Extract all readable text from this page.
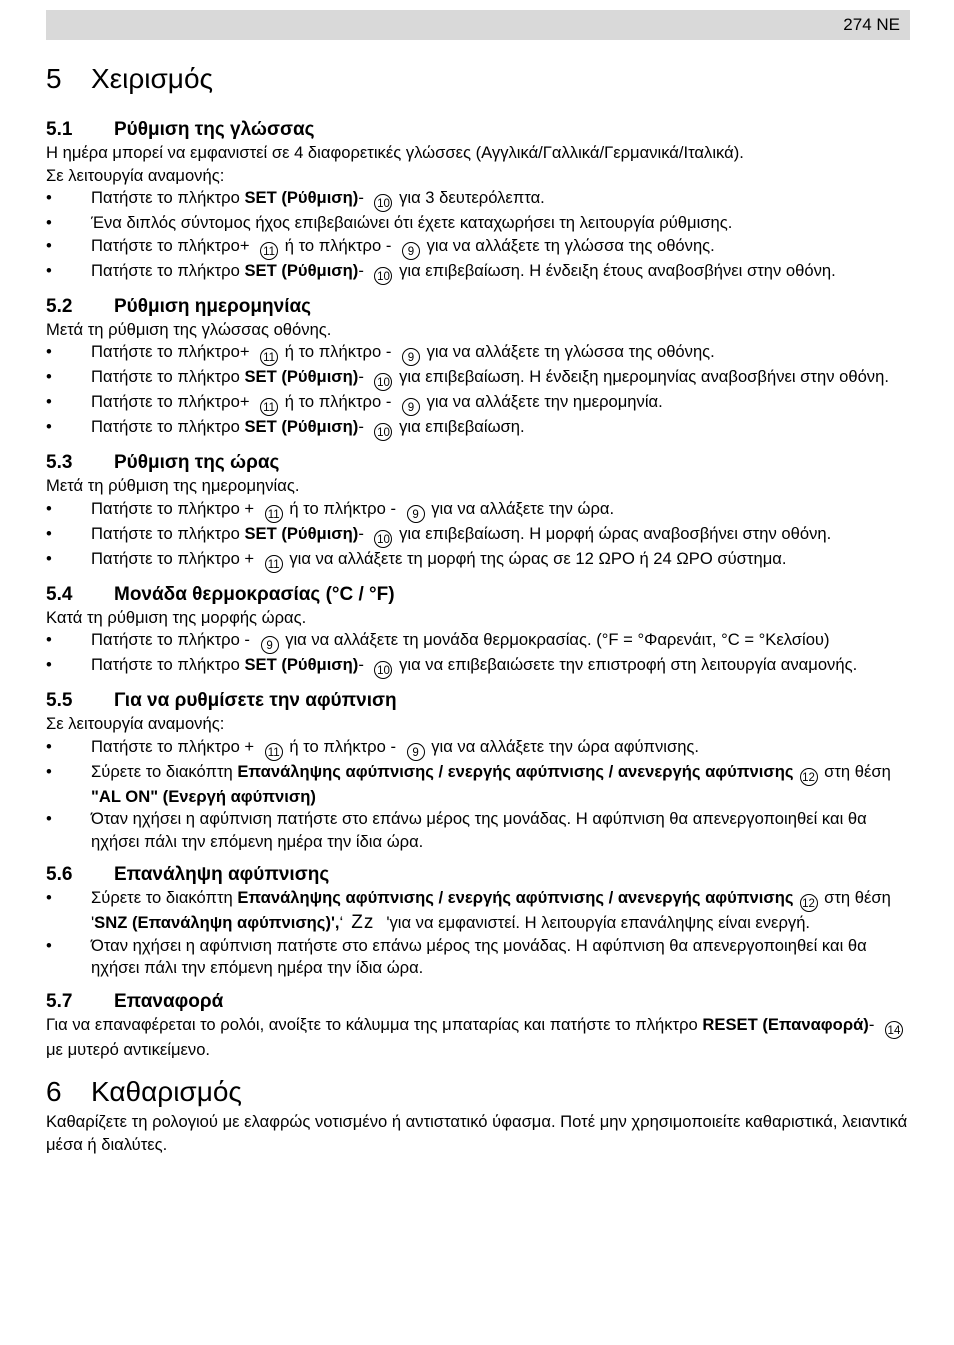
274 NE
5	Χειρισμός
5.1	Ρύθμιση της γλώσσας

Η ημέρα μπορεί να εμφανιστεί σε 4 διαφορετικές γλώσσες (Αγγλικά/Γαλλικά/Γερμανικά/Ιταλικά).

Σε λειτουργία αναμονής:

• Πατήστε το πλήκτρο SET (Ρύθμιση)- 10 για 3 δευτερόλεπτα.
• Ένα διπλός σύντομος ήχος επιβεβαιώνει ότι έχετε καταχωρήσει τη λειτουργία ρύθμισης.
• Πατήστε το πλήκτρο+ 11 ή το πλήκτρο - 9 για να αλλάξετε τη γλώσσα της οθόνης.
• Πατήστε το πλήκτρο SET (Ρύθμιση)- 10 για επιβεβαίωση. Η ένδειξη έτους αναβοσβήνει στην οθόνη.
5.2	Ρύθμιση ημερομηνίας

Μετά τη ρύθμιση της γλώσσας οθόνης.

• Πατήστε το πλήκτρο+ 11 ή το πλήκτρο - 9 για να αλλάξετε τη γλώσσα της οθόνης.
• Πατήστε το πλήκτρο SET (Ρύθμιση)- 10 για επιβεβαίωση. Η ένδειξη ημερομηνίας αναβοσβήνει στην οθόνη.
• Πατήστε το πλήκτρο+ 11 ή το πλήκτρο - 9 για να αλλάξετε την ημερομηνία.
• Πατήστε το πλήκτρο SET (Ρύθμιση)- 10 για επιβεβαίωση.
5.3	Ρύθμιση της ώρας

Μετά τη ρύθμιση της ημερομηνίας.

• Πατήστε το πλήκτρο + 11 ή το πλήκτρο - 9 για να αλλάξετε την ώρα.
• Πατήστε το πλήκτρο SET (Ρύθμιση)- 10 για επιβεβαίωση. Η μορφή ώρας αναβοσβήνει στην οθόνη.
• Πατήστε το πλήκτρο + 11 για να αλλάξετε τη μορφή της ώρας σε 12 ΩΡΟ ή 24 ΩΡΟ σύστημα.
5.4	Μονάδα θερμοκρασίας (°C / °F)

Κατά τη ρύθμιση της μορφής ώρας.

• Πατήστε το πλήκτρο - 9 για να αλλάξετε τη μονάδα θερμοκρασίας. (°F = °Φαρενάιτ, °C = °Κελσίου)
• Πατήστε το πλήκτρο SET (Ρύθμιση)- 10 για να επιβεβαιώσετε την επιστροφή στη λειτουργία αναμονής.
5.5	Για να ρυθμίσετε την αφύπνιση

Σε λειτουργία αναμονής:

• Πατήστε το πλήκτρο + 11 ή το πλήκτρο - 9 για να αλλάξετε την ώρα αφύπνισης.
• Σύρετε το διακόπτη Επανάληψης αφύπνισης / ενεργής αφύπνισης / ανενεργής αφύπνισης 12 στη θέση "AL ON" (Ενεργή αφύπνιση)
• Όταν ηχήσει η αφύπνιση πατήστε στο επάνω μέρος της μονάδας. Η αφύπνιση θα απενεργοποιηθεί και θα ηχήσει πάλι την επόμενη ημέρα την ίδια ώρα.
5.6	Επανάληψη αφύπνισης
• Σύρετε το διακόπτη Επανάληψης αφύπνισης / ενεργής αφύπνισης / ανενεργής αφύπνισης 12 στη θέση 'SNZ (Επανάληψη αφύπνισης)',‘ Zz 'για να εμφανιστεί. Η λειτουργία επανάληψης είναι ενεργή.
• Όταν ηχήσει η αφύπνιση πατήστε στο επάνω μέρος της μονάδας. Η αφύπνιση θα απενεργοποιηθεί και θα ηχήσει πάλι την επόμενη ημέρα την ίδια ώρα.
5.7	Επαναφορά

Για να επαναφέρεται το ρολόι, ανοίξτε το κάλυμμα της μπαταρίας και πατήστε το πλήκτρο RESET (Επαναφορά)- 14με μυτερό αντικείμενο.

6	Καθαρισμός

Καθαρίζετε τη ρολογιού με ελαφρώς νοτισμένο ή αντιστατικό ύφασμα. Ποτέ μην χρησιμοποιείτε καθαριστικά, λειαντικά μέσα ή διαλύτες.
